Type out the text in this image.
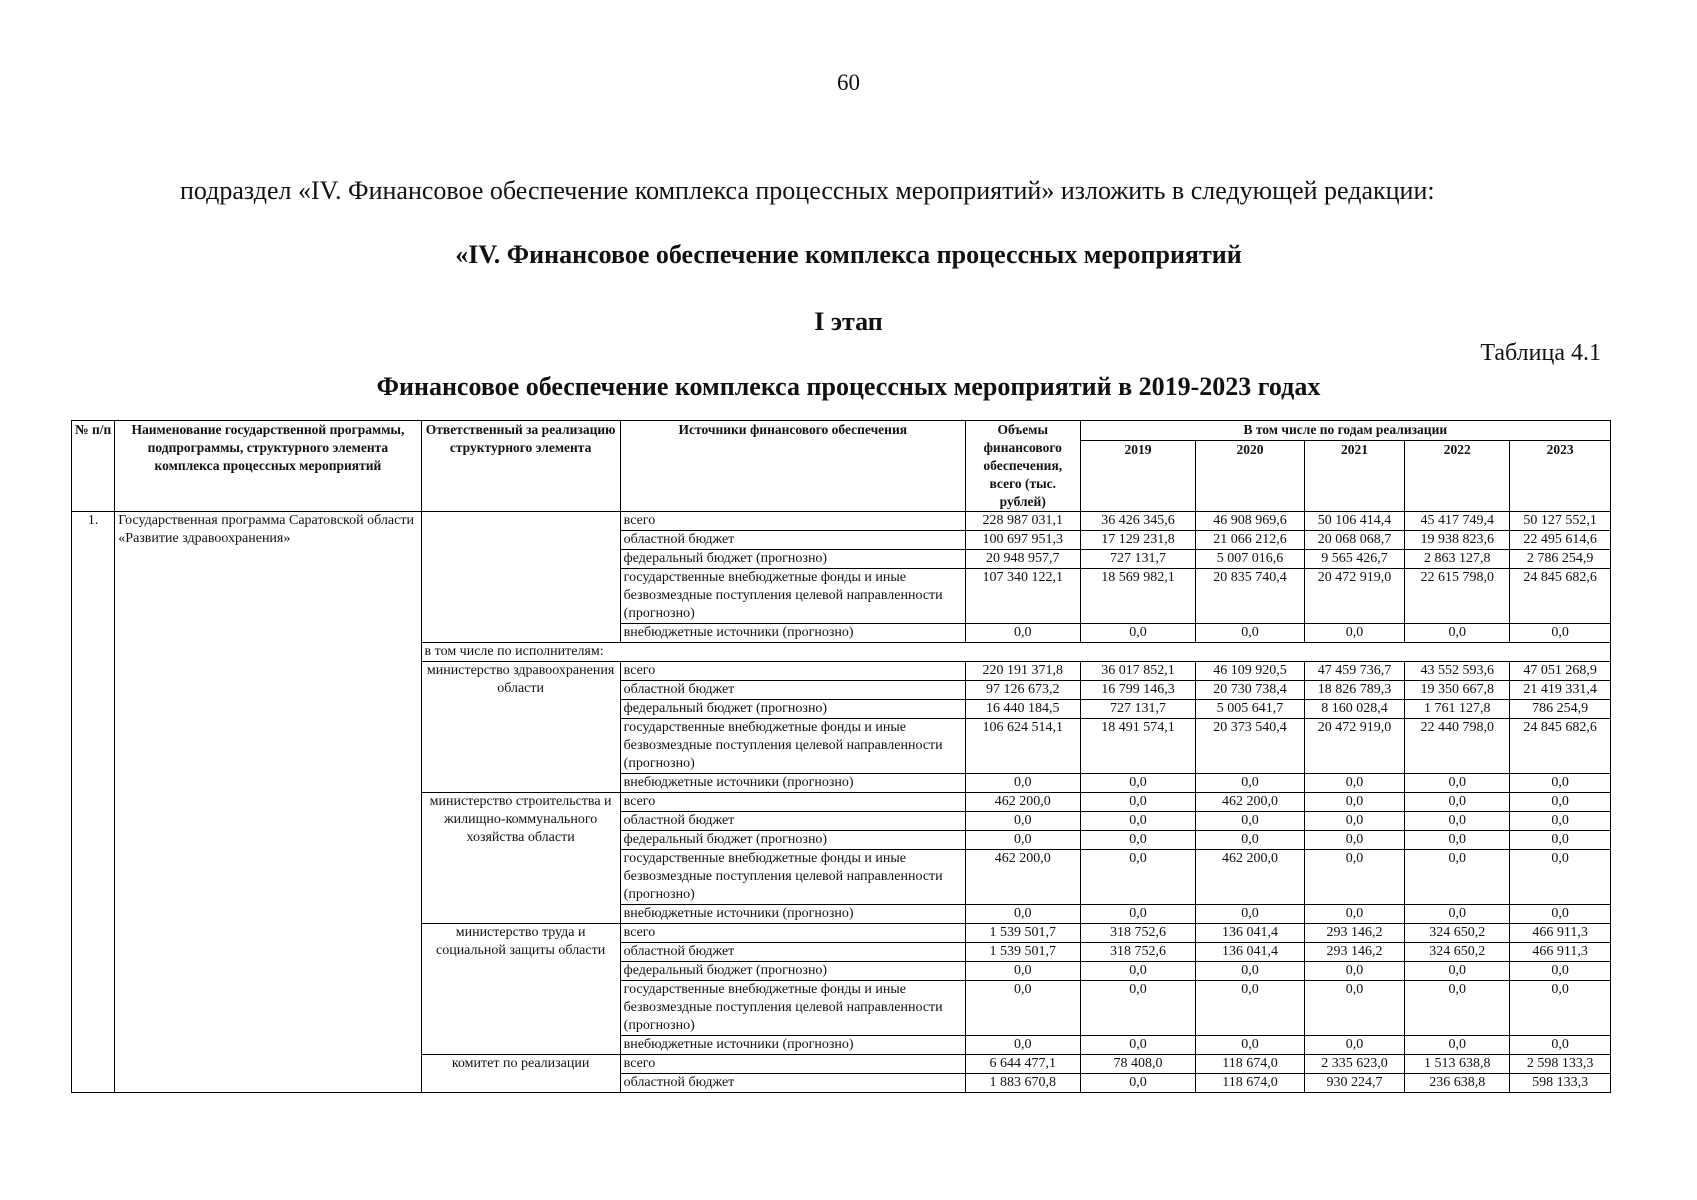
60
подраздел «IV. Финансовое обеспечение комплекса процессных мероприятий» изложить в следующей редакции:
«IV. Финансовое обеспечение комплекса процессных мероприятий
I этап
Таблица 4.1
Финансовое обеспечение комплекса процессных мероприятий в 2019-2023 годах
№ п/п	Наименование государственной программы, подпрограммы, структурного элемента комплекса процессных мероприятий	Ответственный за реализацию структурного элемента	Источники финансового обеспечения	Объемы финансового обеспечения, всего (тыс. рублей)	В том числе по годам реализации				
					2019	2020	2021	2022	2023
1.	Государственная программа Саратовской области «Развитие здравоохранения»		всего	228 987 031,1	36 426 345,6	46 908 969,6	50 106 414,4	45 417 749,4	50 127 552,1
			областной бюджет	100 697 951,3	17 129 231,8	21 066 212,6	20 068 068,7	19 938 823,6	22 495 614,6
			федеральный бюджет (прогнозно)	20 948 957,7	727 131,7	5 007 016,6	9 565 426,7	2 863 127,8	2 786 254,9
			государственные внебюджетные фонды и иные безвозмездные поступления целевой направленности (прогнозно)	107 340 122,1	18 569 982,1	20 835 740,4	20 472 919,0	22 615 798,0	24 845 682,6
			внебюджетные источники (прогнозно)	0,0	0,0	0,0	0,0	0,0	0,0
		в том числе по исполнителям:							
		министерство здравоохранения области	всего	220 191 371,8	36 017 852,1	46 109 920,5	47 459 736,7	43 552 593,6	47 051 268,9
			областной бюджет	97 126 673,2	16 799 146,3	20 730 738,4	18 826 789,3	19 350 667,8	21 419 331,4
			федеральный бюджет (прогнозно)	16 440 184,5	727 131,7	5 005 641,7	8 160 028,4	1 761 127,8	786 254,9
			государственные внебюджетные фонды и иные безвозмездные поступления целевой направленности (прогнозно)	106 624 514,1	18 491 574,1	20 373 540,4	20 472 919,0	22 440 798,0	24 845 682,6
			внебюджетные источники (прогнозно)	0,0	0,0	0,0	0,0	0,0	0,0
		министерство строительства и жилищно-коммунального хозяйства области	всего	462 200,0	0,0	462 200,0	0,0	0,0	0,0
			областной бюджет	0,0	0,0	0,0	0,0	0,0	0,0
			федеральный бюджет (прогнозно)	0,0	0,0	0,0	0,0	0,0	0,0
			государственные внебюджетные фонды и иные безвозмездные поступления целевой направленности (прогнозно)	462 200,0	0,0	462 200,0	0,0	0,0	0,0
			внебюджетные источники (прогнозно)	0,0	0,0	0,0	0,0	0,0	0,0
		министерство труда и социальной защиты области	всего	1 539 501,7	318 752,6	136 041,4	293 146,2	324 650,2	466 911,3
			областной бюджет	1 539 501,7	318 752,6	136 041,4	293 146,2	324 650,2	466 911,3
			федеральный бюджет (прогнозно)	0,0	0,0	0,0	0,0	0,0	0,0
			государственные внебюджетные фонды и иные безвозмездные поступления целевой направленности (прогнозно)	0,0	0,0	0,0	0,0	0,0	0,0
			внебюджетные источники (прогнозно)	0,0	0,0	0,0	0,0	0,0	0,0
		комитет по реализации	всего	6 644 477,1	78 408,0	118 674,0	2 335 623,0	1 513 638,8	2 598 133,3
			областной бюджет	1 883 670,8	0,0	118 674,0	930 224,7	236 638,8	598 133,3
